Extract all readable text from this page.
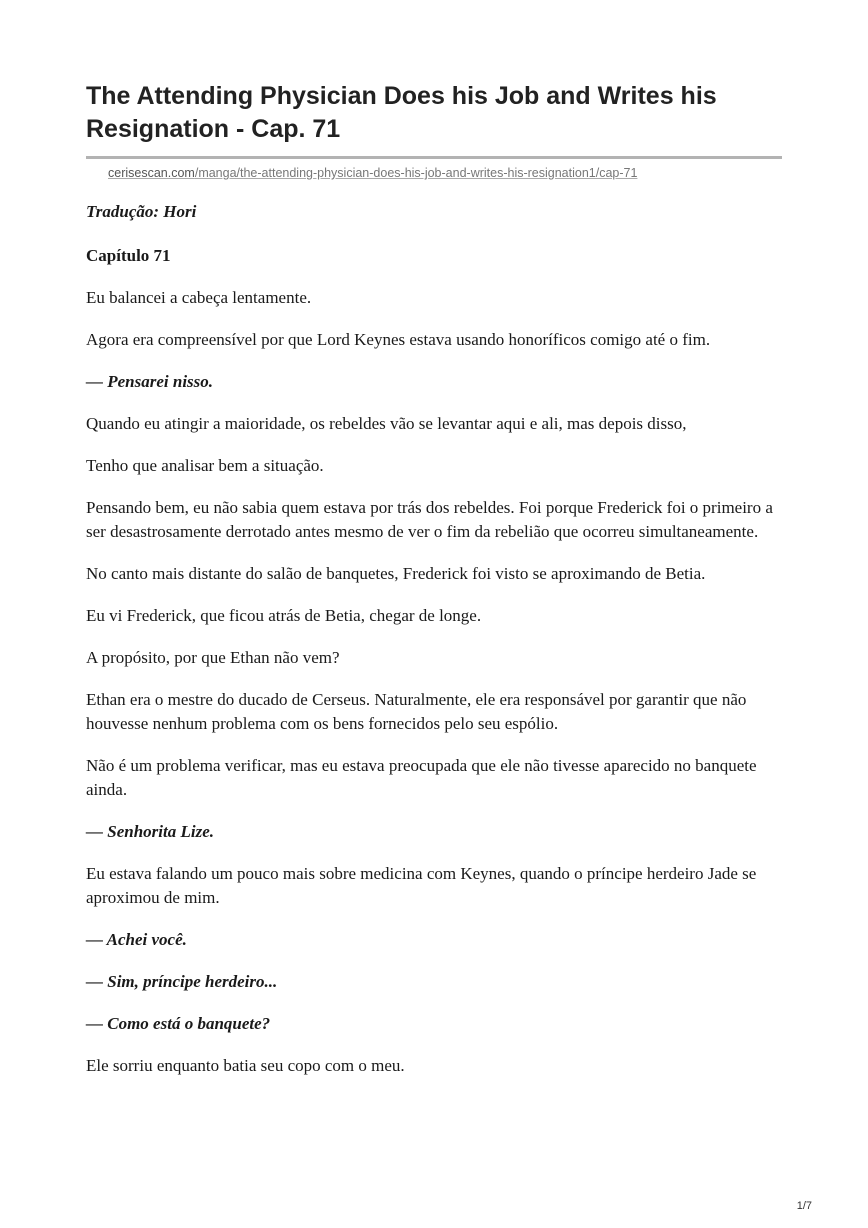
The Attending Physician Does his Job and Writes his Resignation - Cap. 71
cerisescan.com/manga/the-attending-physician-does-his-job-and-writes-his-resignation1/cap-71

Tradução: Hori

Capítulo 71

Eu balancei a cabeça lentamente.

Agora era compreensível por que Lord Keynes estava usando honoríficos comigo até o fim.

— Pensarei nisso.

Quando eu atingir a maioridade, os rebeldes vão se levantar aqui e ali, mas depois disso,

Tenho que analisar bem a situação.

Pensando bem, eu não sabia quem estava por trás dos rebeldes. Foi porque Frederick foi o primeiro a ser desastrosamente derrotado antes mesmo de ver o fim da rebelião que ocorreu simultaneamente.

No canto mais distante do salão de banquetes, Frederick foi visto se aproximando de Betia.

Eu vi Frederick, que ficou atrás de Betia, chegar de longe.

A propósito, por que Ethan não vem?

Ethan era o mestre do ducado de Cerseus. Naturalmente, ele era responsável por garantir que não houvesse nenhum problema com os bens fornecidos pelo seu espólio.

Não é um problema verificar, mas eu estava preocupada que ele não tivesse aparecido no banquete ainda.

— Senhorita Lize.

Eu estava falando um pouco mais sobre medicina com Keynes, quando o príncipe herdeiro Jade se aproximou de mim.

— Achei você.

— Sim, príncipe herdeiro...

— Como está o banquete?

Ele sorriu enquanto batia seu copo com o meu.

1/7
